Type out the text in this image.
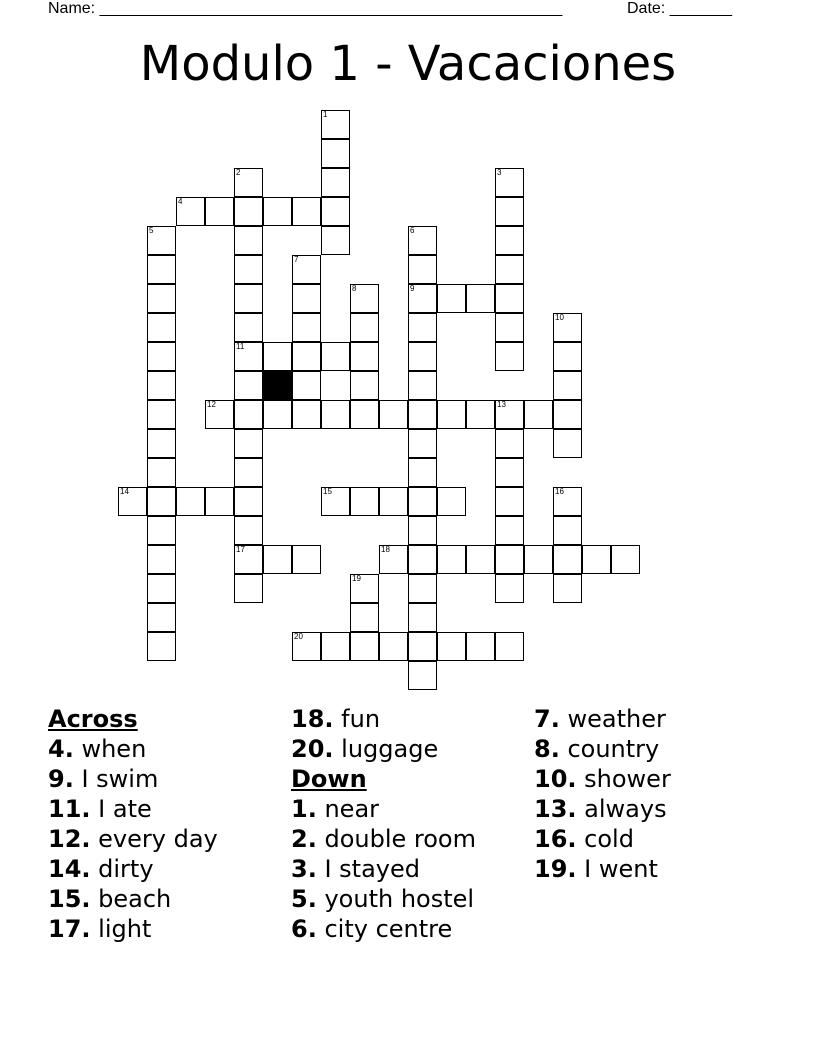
Name: ____________________________________________________	Date: _______
Modulo 1 - Vacaciones
1
2
11
17
3
4
5	6
9
7
8
10
12	13
14	15	16
18
19
20
Across
4. when
9. I swim
11. I ate
12. every day
14. dirty
15. beach
17. light
18. fun
20. luggage
Down
1. near
2. double room
3. I stayed
5. youth hostel
6. city centre
7. weather
8. country
10. shower
13. always
16. cold
19. I went
